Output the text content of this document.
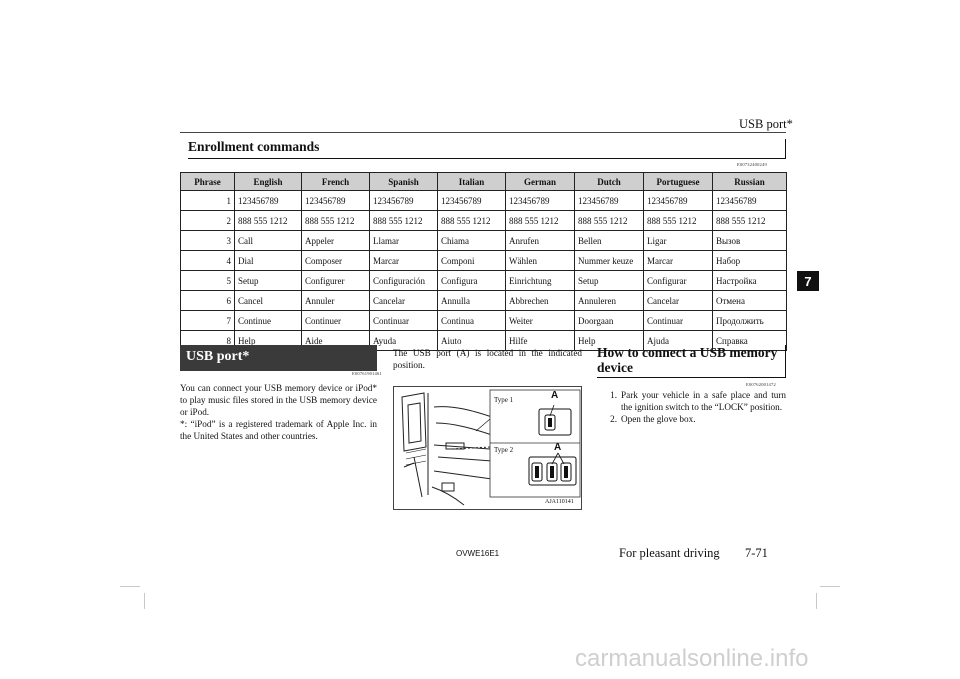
USB port*
7
Enrollment commands
E00732400249
Phrase	English	French	Spanish	Italian	German	Dutch	Portuguese	Russian
1	123456789	123456789	123456789	123456789	123456789	123456789	123456789	123456789
2	888 555 1212	888 555 1212	888 555 1212	888 555 1212	888 555 1212	888 555 1212	888 555 1212	888 555 1212
3	Call	Appeler	Llamar	Chiama	Anrufen	Bellen	Ligar	Вызов
4	Dial	Composer	Marcar	Componi	Wählen	Nummer keuze	Marcar	Набор
5	Setup	Configurer	Configuración	Configura	Einrichtung	Setup	Configurar	Настройка
6	Cancel	Annuler	Cancelar	Annulla	Abbrechen	Annuleren	Cancelar	Отмена
7	Continue	Continuer	Continuar	Continua	Weiter	Doorgaan	Continuar	Продолжить
8	Help	Aide	Ayuda	Aiuto	Hilfe	Help	Ajuda	Справка
USB port*
E00761901461
You can connect your USB memory device or iPod* to play music files stored in the USB memory device or iPod.
*: “iPod” is a registered trademark of Apple Inc. in the United States and other countries.
The USB port (A) is located in the indicated position.
Type 1
Type 2
A
A
AJA110141
How to connect a USB memory device
E00762001472
1. Park your vehicle in a safe place and turn the ignition switch to the “LOCK” position.
2. Open the glove box.
OVWE16E1	For pleasant driving 7-71
carmanualsonline.info
